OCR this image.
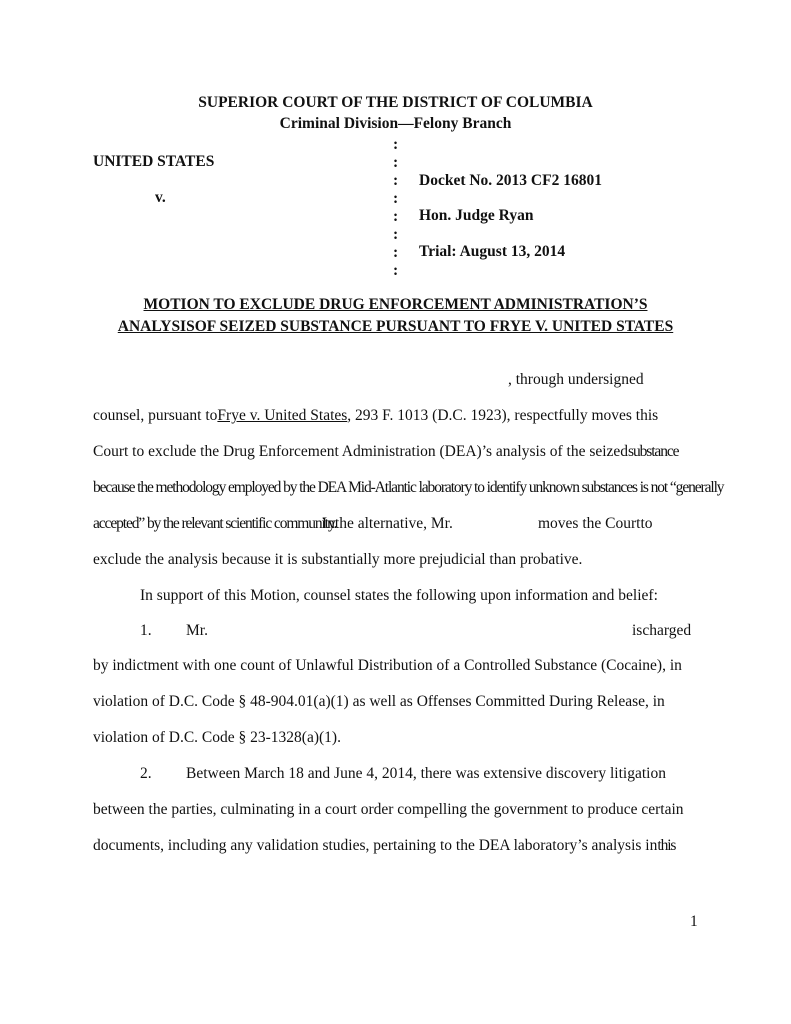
SUPERIOR COURT OF THE DISTRICT OF COLUMBIA
Criminal Division—Felony Branch
:
:
:
:
:
:
:
:
UNITED STATES
v.
Docket No. 2013 CF2 16801
Hon. Judge Ryan
Trial: August 13, 2014
MOTION TO EXCLUDE DRUG ENFORCEMENT ADMINISTRATION’S
ANALYSISOF SEIZED SUBSTANCE PURSUANT TO FRYE V. UNITED STATES
, through undersigned
counsel, pursuant toFrye v. United States, 293 F. 1013 (D.C. 1923), respectfully moves this
Court to exclude the Drug Enforcement Administration (DEA)’s analysis of the seizedsubstance
because the methodology employed by the DEA Mid-Atlantic laboratory to identify unknown substances is not “generally
accepted” by the relevant scientific community.
Inthe alternative, Mr.	moves the Courtto
exclude the analysis because it is substantially more prejudicial than probative.
In support of this Motion, counsel states the following upon information and belief:
1. Mr.	ischarged
by indictment with one count of Unlawful Distribution of a Controlled Substance (Cocaine), in
violation of D.C. Code § 48-904.01(a)(1) as well as Offenses Committed During Release, in
violation of D.C. Code § 23-1328(a)(1).
2. Between March 18 and June 4, 2014, there was extensive discovery litigation
between the parties, culminating in a court order compelling the government to produce certain
documents, including any validation studies, pertaining to the DEA laboratory’s analysis inthis
1
